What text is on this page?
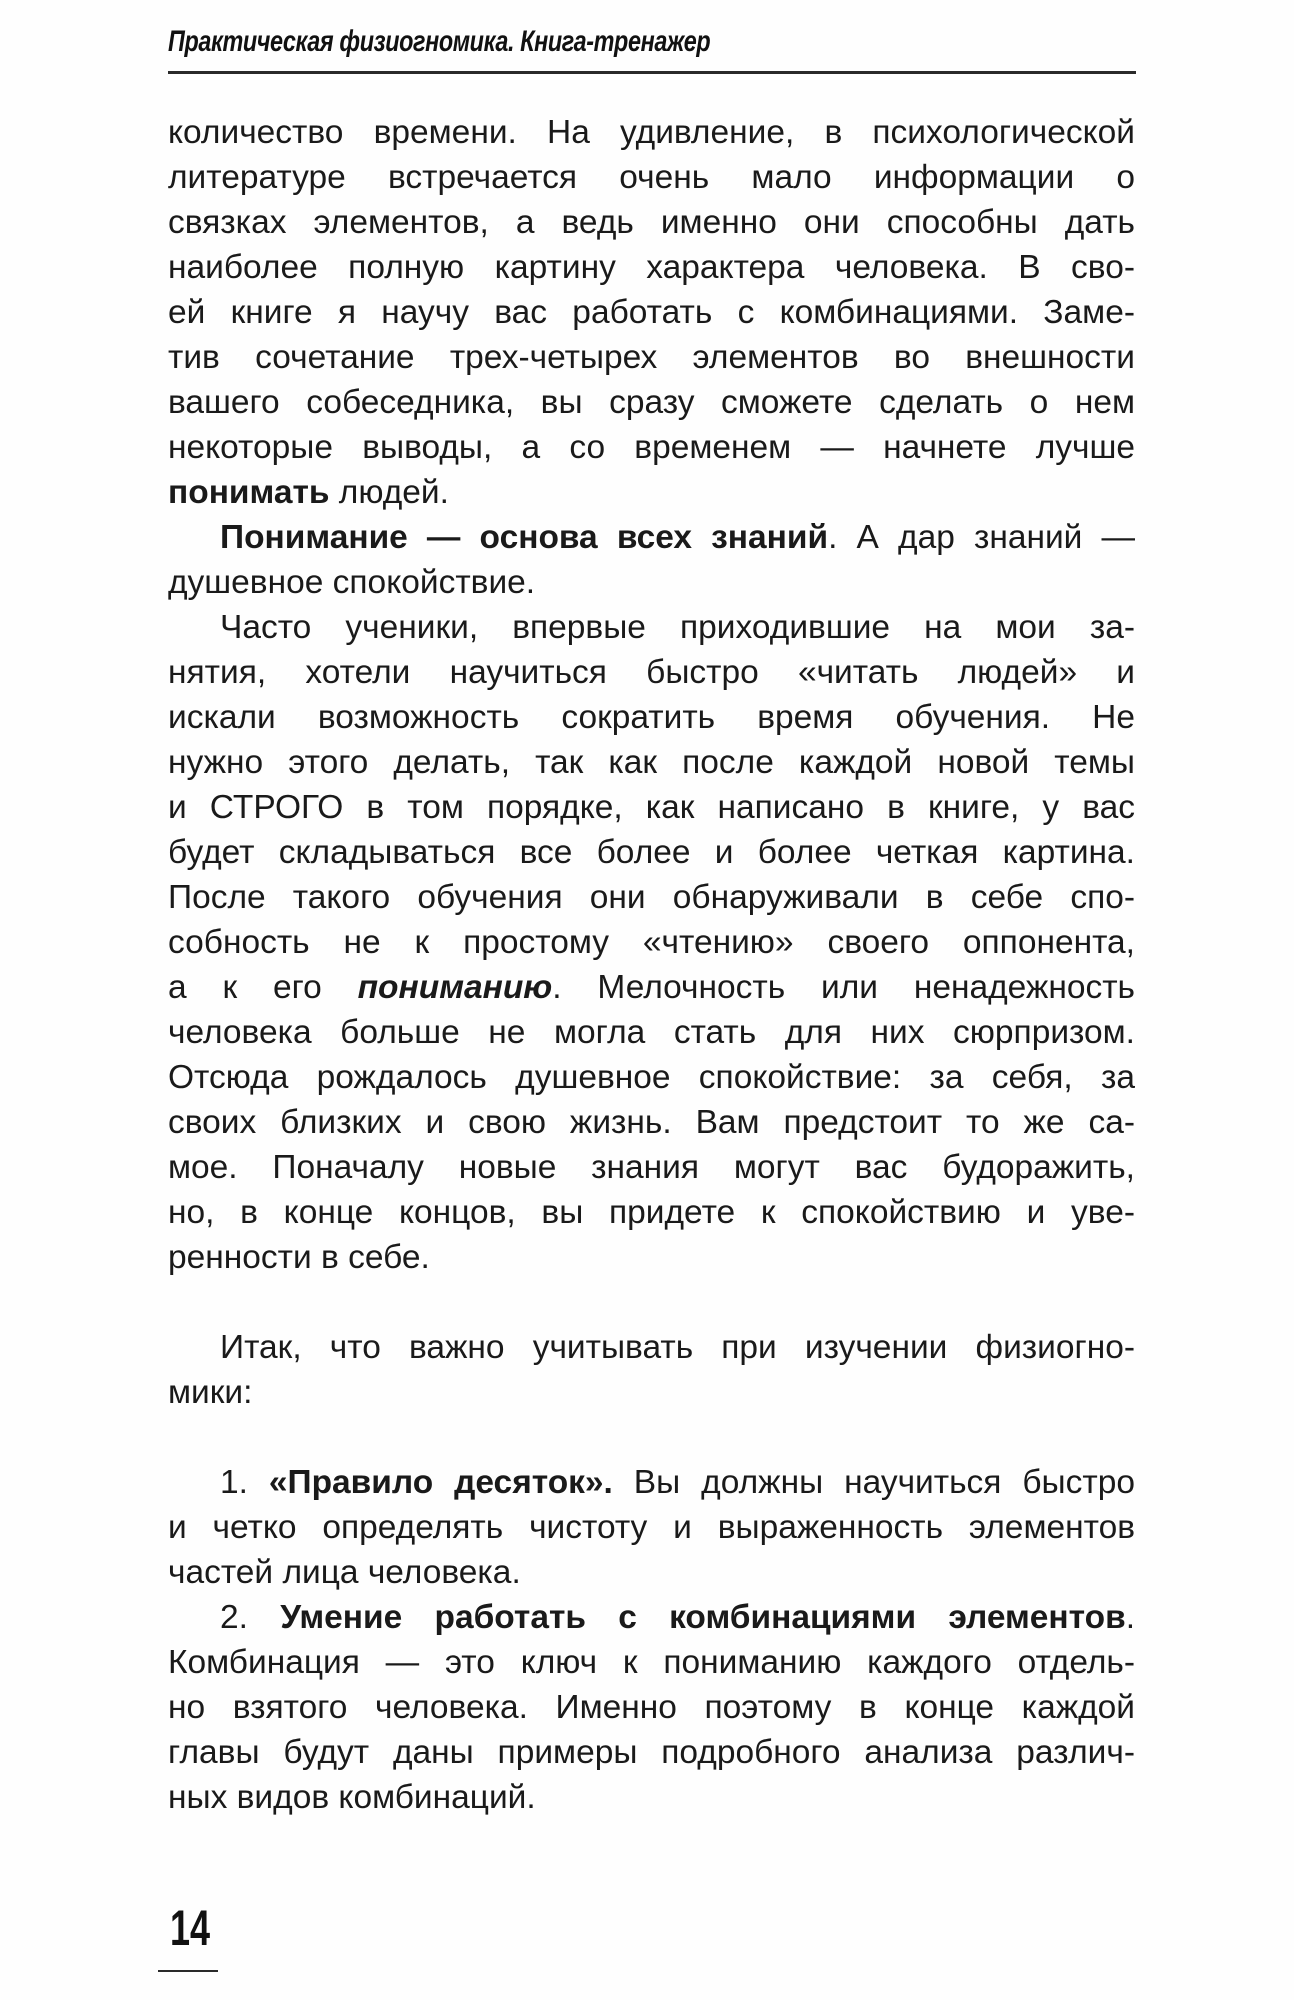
Практическая физиогномика. Книга-тренажер
количество времени. На удивление, в психологической
литературе встречается очень мало информации о
связках элементов, а ведь именно они способны дать
наиболее полную картину характера человека. В сво-
ей книге я научу вас работать с комбинациями. Заме-
тив сочетание трех-четырех элементов во внешности
вашего собеседника, вы сразу сможете сделать о нем
некоторые выводы, а со временем — начнете лучше
понимать людей.
Понимание — основа всех знаний. А дар знаний —
душевное спокойствие.
Часто ученики, впервые приходившие на мои за-
нятия, хотели научиться быстро «читать людей» и
искали возможность сократить время обучения. Не
нужно этого делать, так как после каждой новой темы
и СТРОГО в том порядке, как написано в книге, у вас
будет складываться все более и более четкая картина.
После такого обучения они обнаруживали в себе спо-
собность не к простому «чтению» своего оппонента,
а к его пониманию. Мелочность или ненадежность
человека больше не могла стать для них сюрпризом.
Отсюда рождалось душевное спокойствие: за себя, за
своих близких и свою жизнь. Вам предстоит то же са-
мое. Поначалу новые знания могут вас будоражить,
но, в конце концов, вы придете к спокойствию и уве-
ренности в себе.
Итак, что важно учитывать при изучении физиогно-
мики:
1. «Правило десяток». Вы должны научиться быстро
и четко определять чистоту и выраженность элементов
частей лица человека.
2. Умение работать с комбинациями элементов.
Комбинация — это ключ к пониманию каждого отдель-
но взятого человека. Именно поэтому в конце каждой
главы будут даны примеры подробного анализа различ-
ных видов комбинаций.
14
